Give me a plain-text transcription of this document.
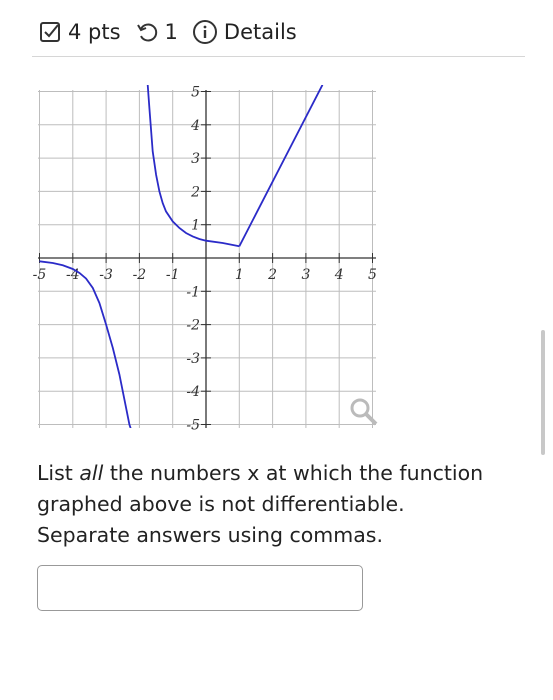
4 pts 1 Details
-5 -4 -3 -2 -1	1 2 3 4 5
5
4
3
2
1
-1
-2
-3
-4
-5
List all the numbers x at which the function graphed above is not differentiable.
Separate answers using commas.
